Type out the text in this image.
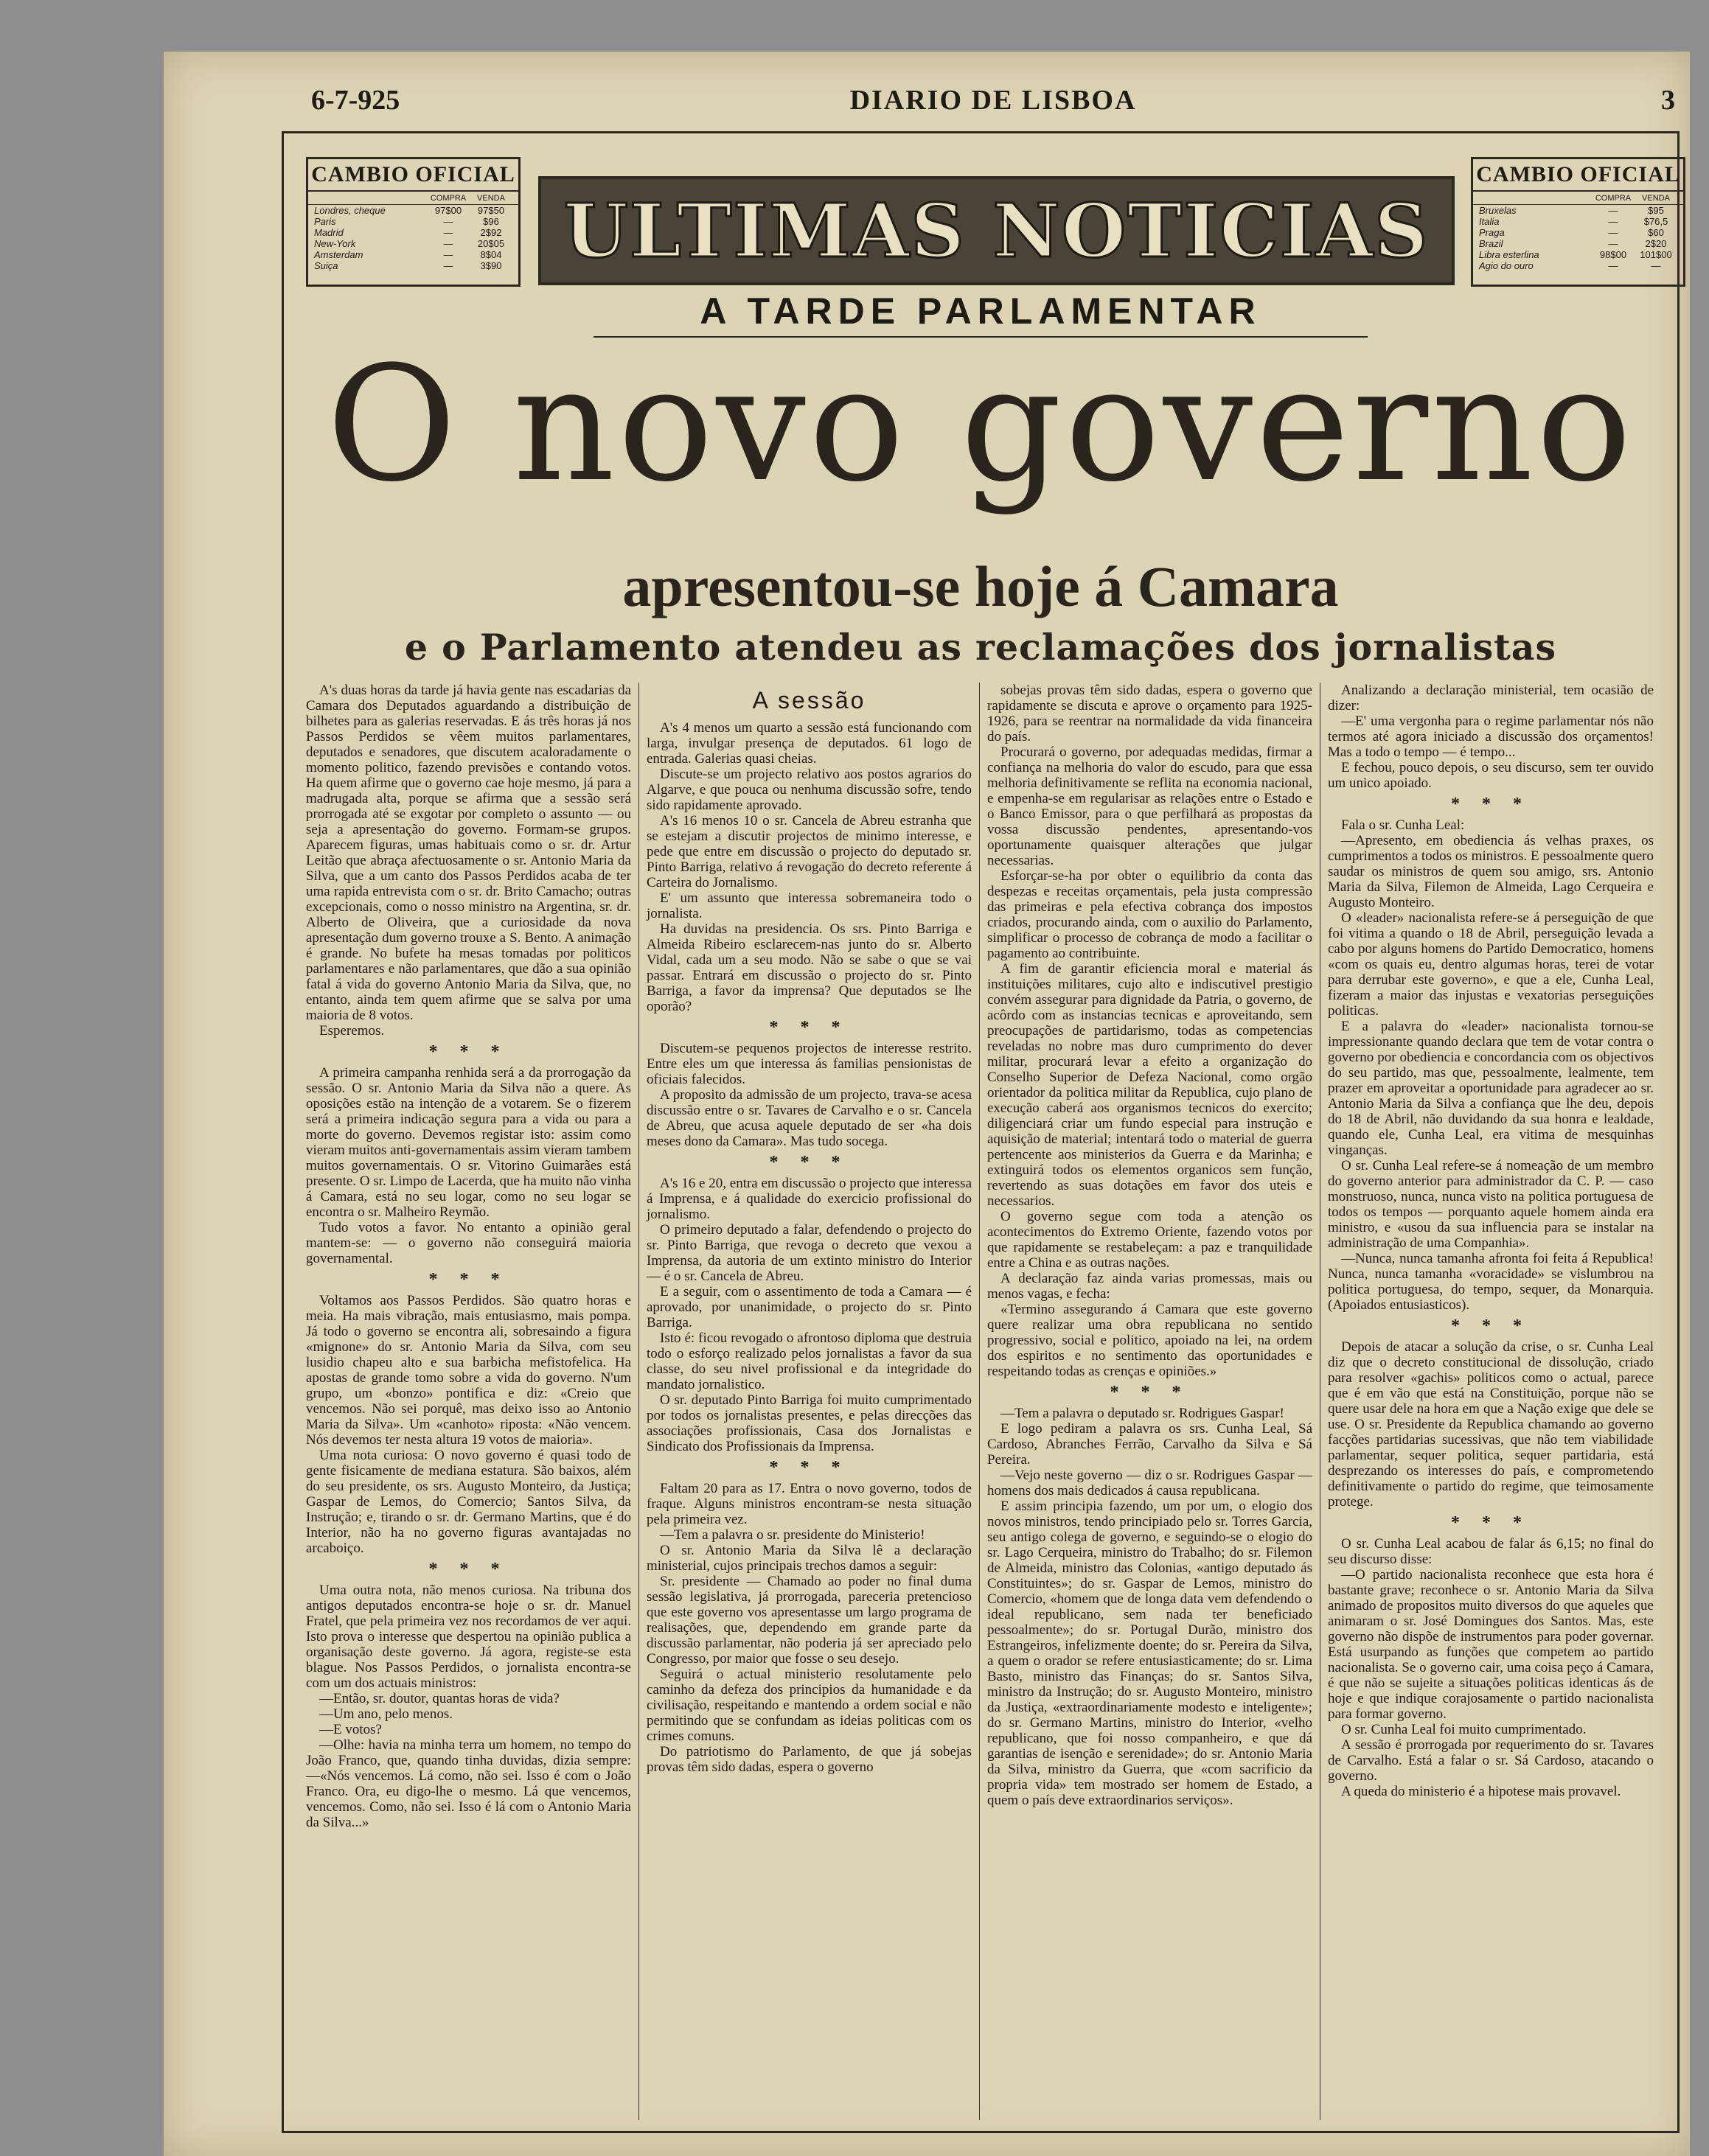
6-7-925	DIARIO DE LISBOA	3
CAMBIO OFICIAL
COMPRA	VENDA
Londres, cheque	97$00	97$50
Paris	—	$96
Madrid	—	2$92
New-York	—	20$05
Amsterdam	—	8$04
Suiça	—	3$90 ULTIMAS NOTICIAS
CAMBIO OFICIAL
COMPRA	VENDA
Bruxelas	—	$95
Italia	—	$76,5
Praga	—	$60
Brazil	—	2$20
Libra esterlina	98$00	101$00
Agio do ouro	—	—
A TARDE PARLAMENTAR
O novo governo
apresentou-se hoje á Camara
e o Parlamento atendeu as reclamações dos jornalistas

A's duas horas da tarde já havia gente nas escadarias da Camara dos Deputados aguardando a distribuição de bilhetes para as galerias reservadas. E ás três horas já nos Passos Perdidos se vêem muitos parlamentares, deputados e senadores, que discutem acaloradamente o momento politico, fazendo previsões e contando votos. Ha quem afirme que o governo cae hoje mesmo, já para a madrugada alta, porque se afirma que a sessão será prorrogada até se exgotar por completo o assunto — ou seja a apresentação do governo. Formam-se grupos. Aparecem figuras, umas habituais como o sr. dr. Artur Leitão que abraça afectuosamente o sr. Antonio Maria da Silva, que a um canto dos Passos Perdidos acaba de ter uma rapida entrevista com o sr. dr. Brito Camacho; outras excepcionais, como o nosso ministro na Argentina, sr. dr. Alberto de Oliveira, que a curiosidade da nova apresentação dum governo trouxe a S. Bento. A animação é grande. No bufete ha mesas tomadas por politicos parlamentares e não parlamentares, que dão a sua opinião fatal á vida do governo Antonio Maria da Silva, que, no entanto, ainda tem quem afirme que se salva por uma maioria de 8 votos.

Esperemos.

* * *

A primeira campanha renhida será a da prorrogação da sessão. O sr. Antonio Maria da Silva não a quere. As oposições estão na intenção de a votarem. Se o fizerem será a primeira indicação segura para a vida ou para a morte do governo. Devemos registar isto: assim como vieram muitos anti-governamentais assim vieram tambem muitos governamentais. O sr. Vitorino Guimarães está presente. O sr. Limpo de Lacerda, que ha muito não vinha á Camara, está no seu logar, como no seu logar se encontra o sr. Malheiro Reymão.

Tudo votos a favor. No entanto a opinião geral mantem-se: — o governo não conseguirá maioria governamental.

* * *

Voltamos aos Passos Perdidos. São quatro horas e meia. Ha mais vibração, mais entusiasmo, mais pompa. Já todo o governo se encontra ali, sobresaindo a figura «mignone» do sr. Antonio Maria da Silva, com seu lusidio chapeu alto e sua barbicha mefistofelica. Ha apostas de grande tomo sobre a vida do governo. N'um grupo, um «bonzo» pontifica e diz: «Creio que vencemos. Não sei porquê, mas deixo isso ao Antonio Maria da Silva». Um «canhoto» riposta: «Não vencem. Nós devemos ter nesta altura 19 votos de maioria».

Uma nota curiosa: O novo governo é quasi todo de gente fisicamente de mediana estatura. São baixos, além do seu presidente, os srs. Augusto Monteiro, da Justiça; Gaspar de Lemos, do Comercio; Santos Silva, da Instrução; e, tirando o sr. dr. Germano Martins, que é do Interior, não ha no governo figuras avantajadas no arcaboiço.

* * *

Uma outra nota, não menos curiosa. Na tribuna dos antigos deputados encontra-se hoje o sr. dr. Manuel Fratel, que pela primeira vez nos recordamos de ver aqui. Isto prova o interesse que despertou na opinião publica a organisação deste governo. Já agora, registe-se esta blague. Nos Passos Perdidos, o jornalista encontra-se com um dos actuais ministros:

—Então, sr. doutor, quantas horas de vida?

—Um ano, pelo menos.

—E votos?

—Olhe: havia na minha terra um homem, no tempo do João Franco, que, quando tinha duvidas, dizia sempre: —«Nós vencemos. Lá como, não sei. Isso é com o João Franco. Ora, eu digo-lhe o mesmo. Lá que vencemos, vencemos. Como, não sei. Isso é lá com o Antonio Maria da Silva...»

A sessão

A's 4 menos um quarto a sessão está funcionando com larga, invulgar presença de deputados. 61 logo de entrada. Galerias quasi cheias.

Discute-se um projecto relativo aos postos agrarios do Algarve, e que pouca ou nenhuma discussão sofre, tendo sido rapidamente aprovado.

A's 16 menos 10 o sr. Cancela de Abreu estranha que se estejam a discutir projectos de minimo interesse, e pede que entre em discussão o projecto do deputado sr. Pinto Barriga, relativo á revogação do decreto referente á Carteira do Jornalismo.

E' um assunto que interessa sobremaneira todo o jornalista.

Ha duvidas na presidencia. Os srs. Pinto Barriga e Almeida Ribeiro esclarecem-nas junto do sr. Alberto Vidal, cada um a seu modo. Não se sabe o que se vai passar. Entrará em discussão o projecto do sr. Pinto Barriga, a favor da imprensa? Que deputados se lhe oporão?

* * *

Discutem-se pequenos projectos de interesse restrito. Entre eles um que interessa ás familias pensionistas de oficiais falecidos.

A proposito da admissão de um projecto, trava-se acesa discussão entre o sr. Tavares de Carvalho e o sr. Cancela de Abreu, que acusa aquele deputado de ser «ha dois meses dono da Camara». Mas tudo socega.

* * *

A's 16 e 20, entra em discussão o projecto que interessa á Imprensa, e á qualidade do exercicio profissional do jornalismo.

O primeiro deputado a falar, defendendo o projecto do sr. Pinto Barriga, que revoga o decreto que vexou a Imprensa, da autoria de um extinto ministro do Interior — é o sr. Cancela de Abreu.

E a seguir, com o assentimento de toda a Camara — é aprovado, por unanimidade, o projecto do sr. Pinto Barriga.

Isto é: ficou revogado o afrontoso diploma que destruia todo o esforço realizado pelos jornalistas a favor da sua classe, do seu nivel profissional e da integridade do mandato jornalistico.

O sr. deputado Pinto Barriga foi muito cumprimentado por todos os jornalistas presentes, e pelas direcções das associações profissionais, Casa dos Jornalistas e Sindicato dos Profissionais da Imprensa.

* * *

Faltam 20 para as 17. Entra o novo governo, todos de fraque. Alguns ministros encontram-se nesta situação pela primeira vez.

—Tem a palavra o sr. presidente do Ministerio!

O sr. Antonio Maria da Silva lê a declaração ministerial, cujos principais trechos damos a seguir:

Sr. presidente — Chamado ao poder no final duma sessão legislativa, já prorrogada, pareceria pretencioso que este governo vos apresentasse um largo programa de realisações, que, dependendo em grande parte da discussão parlamentar, não poderia já ser apreciado pelo Congresso, por maior que fosse o seu desejo.

Seguirá o actual ministerio resolutamente pelo caminho da defeza dos principios da humanidade e da civilisação, respeitando e mantendo a ordem social e não permitindo que se confundam as ideias politicas com os crimes comuns.

Do patriotismo do Parlamento, de que já sobejas provas têm sido dadas, espera o governo

sobejas provas têm sido dadas, espera o governo que rapidamente se discuta e aprove o orçamento para 1925-1926, para se reentrar na normalidade da vida financeira do país.

Procurará o governo, por adequadas medidas, firmar a confiança na melhoria do valor do escudo, para que essa melhoria definitivamente se reflita na economia nacional, e empenha-se em regularisar as relações entre o Estado e o Banco Emissor, para o que perfilhará as propostas da vossa discussão pendentes, apresentando-vos oportunamente quaisquer alterações que julgar necessarias.

Esforçar-se-ha por obter o equilibrio da conta das despezas e receitas orçamentais, pela justa compressão das primeiras e pela efectiva cobrança dos impostos criados, procurando ainda, com o auxilio do Parlamento, simplificar o processo de cobrança de modo a facilitar o pagamento ao contribuinte.

A fim de garantir eficiencia moral e material ás instituições militares, cujo alto e indiscutivel prestigio convém assegurar para dignidade da Patria, o governo, de acôrdo com as instancias tecnicas e aproveitando, sem preocupações de partidarismo, todas as competencias reveladas no nobre mas duro cumprimento do dever militar, procurará levar a efeito a organização do Conselho Superior de Defeza Nacional, como orgão orientador da politica militar da Republica, cujo plano de execução caberá aos organismos tecnicos do exercito; diligenciará criar um fundo especial para instrução e aquisição de material; intentará todo o material de guerra pertencente aos ministerios da Guerra e da Marinha; e extinguirá todos os elementos organicos sem função, revertendo as suas dotações em favor dos uteis e necessarios.

O governo segue com toda a atenção os acontecimentos do Extremo Oriente, fazendo votos por que rapidamente se restabeleçam: a paz e tranquilidade entre a China e as outras nações.

A declaração faz ainda varias promessas, mais ou menos vagas, e fecha:

«Termino assegurando á Camara que este governo quere realizar uma obra republicana no sentido progressivo, social e politico, apoiado na lei, na ordem dos espiritos e no sentimento das oportunidades e respeitando todas as crenças e opiniões.»

* * *

—Tem a palavra o deputado sr. Rodrigues Gaspar!

E logo pediram a palavra os srs. Cunha Leal, Sá Cardoso, Abranches Ferrão, Carvalho da Silva e Sá Pereira.

—Vejo neste governo — diz o sr. Rodrigues Gaspar — homens dos mais dedicados á causa republicana.

E assim principia fazendo, um por um, o elogio dos novos ministros, tendo principiado pelo sr. Torres Garcia, seu antigo colega de governo, e seguindo-se o elogio do sr. Lago Cerqueira, ministro do Trabalho; do sr. Filemon de Almeida, ministro das Colonias, «antigo deputado ás Constituintes»; do sr. Gaspar de Lemos, ministro do Comercio, «homem que de longa data vem defendendo o ideal republicano, sem nada ter beneficiado pessoalmente»; do sr. Portugal Durão, ministro dos Estrangeiros, infelizmente doente; do sr. Pereira da Silva, a quem o orador se refere entusiasticamente; do sr. Lima Basto, ministro das Finanças; do sr. Santos Silva, ministro da Instrução; do sr. Augusto Monteiro, ministro da Justiça, «extraordinariamente modesto e inteligente»; do sr. Germano Martins, ministro do Interior, «velho republicano, que foi nosso companheiro, e que dá garantias de isenção e serenidade»; do sr. Antonio Maria da Silva, ministro da Guerra, que «com sacrificio da propria vida» tem mostrado ser homem de Estado, a quem o país deve extraordinarios serviços».

Analizando a declaração ministerial, tem ocasião de dizer:

—E' uma vergonha para o regime parlamentar nós não termos até agora iniciado a discussão dos orçamentos! Mas a todo o tempo — é tempo...

E fechou, pouco depois, o seu discurso, sem ter ouvido um unico apoiado.

* * *

Fala o sr. Cunha Leal:

—Apresento, em obediencia ás velhas praxes, os cumprimentos a todos os ministros. E pessoalmente quero saudar os ministros de quem sou amigo, srs. Antonio Maria da Silva, Filemon de Almeida, Lago Cerqueira e Augusto Monteiro.

O «leader» nacionalista refere-se á perseguição de que foi vitima a quando o 18 de Abril, perseguição levada a cabo por alguns homens do Partido Democratico, homens «com os quais eu, dentro algumas horas, terei de votar para derrubar este governo», e que a ele, Cunha Leal, fizeram a maior das injustas e vexatorias perseguições politicas.

E a palavra do «leader» nacionalista tornou-se impressionante quando declara que tem de votar contra o governo por obediencia e concordancia com os objectivos do seu partido, mas que, pessoalmente, lealmente, tem prazer em aproveitar a oportunidade para agradecer ao sr. Antonio Maria da Silva a confiança que lhe deu, depois do 18 de Abril, não duvidando da sua honra e lealdade, quando ele, Cunha Leal, era vitima de mesquinhas vinganças.

O sr. Cunha Leal refere-se á nomeação de um membro do governo anterior para administrador da C. P. — caso monstruoso, nunca, nunca visto na politica portuguesa de todos os tempos — porquanto aquele homem ainda era ministro, e «usou da sua influencia para se instalar na administração de uma Companhia».

—Nunca, nunca tamanha afronta foi feita á Republica! Nunca, nunca tamanha «voracidade» se vislumbrou na politica portuguesa, do tempo, sequer, da Monarquia. (Apoiados entusiasticos).

* * *

Depois de atacar a solução da crise, o sr. Cunha Leal diz que o decreto constitucional de dissolução, criado para resolver «gachis» politicos como o actual, parece que é em vão que está na Constituição, porque não se quere usar dele na hora em que a Nação exige que dele se use. O sr. Presidente da Republica chamando ao governo facções partidarias sucessivas, que não tem viabilidade parlamentar, sequer politica, sequer partidaria, está desprezando os interesses do país, e comprometendo definitivamente o partido do regime, que teimosamente protege.

* * *

O sr. Cunha Leal acabou de falar ás 6,15; no final do seu discurso disse:

—O partido nacionalista reconhece que esta hora é bastante grave; reconhece o sr. Antonio Maria da Silva animado de propositos muito diversos do que aqueles que animaram o sr. José Domingues dos Santos. Mas, este governo não dispõe de instrumentos para poder governar. Está usurpando as funções que competem ao partido nacionalista. Se o governo cair, uma coisa peço á Camara, é que não se sujeite a situações politicas identicas ás de hoje e que indique corajosamente o partido nacionalista para formar governo.

O sr. Cunha Leal foi muito cumprimentado.

A sessão é prorrogada por requerimento do sr. Tavares de Carvalho. Está a falar o sr. Sá Cardoso, atacando o governo.

A queda do ministerio é a hipotese mais provavel.
